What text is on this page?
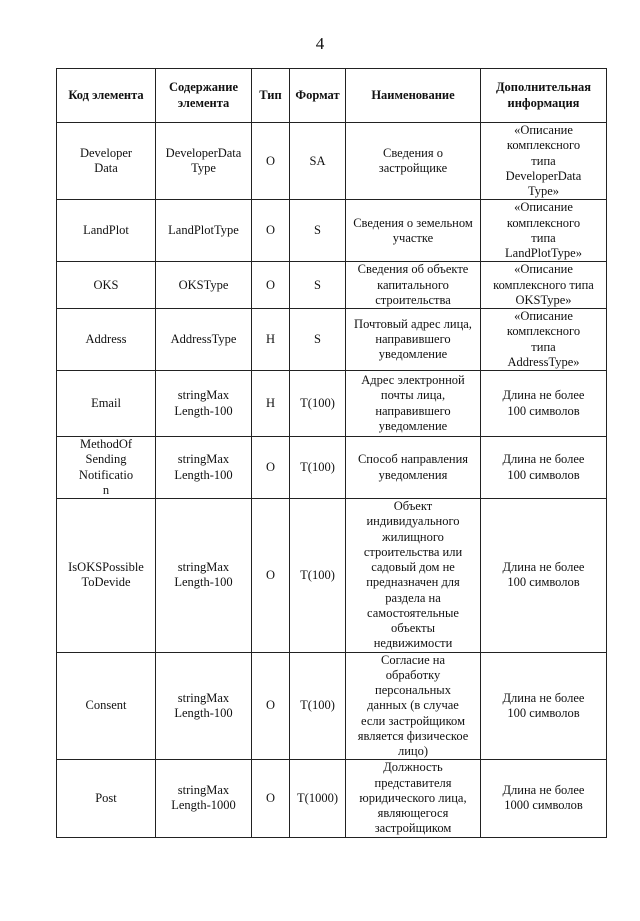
4
Код элемента	Содержание элемента	Тип	Формат	Наименование	Дополнительная информация

DeveloperData	DeveloperData Type	О	SA	Сведения о застройщике	«Описание комплексного типа DeveloperData Type»

LandPlot	LandPlotType	О	S	Сведения о земельном участке	«Описание комплексного типа LandPlotType»

OKS	OKSType	О	S	Сведения об объекте капитального строительства	«Описание комплексного типа OKSType»

Address	AddressType	Н	S	Почтовый адрес лица, направившего уведомление	«Описание комплексного типа AddressType»

Email	stringMax Length-100	Н	T(100)	Адрес электронной почты лица, направившего уведомление	Длина не более 100 символов

MethodOf Sending Notification	stringMax Length-100	О	T(100)	Способ направления уведомления	Длина не более 100 символов

IsOKSPossible ToDevide	stringMax Length-100	О	T(100)	Объект индивидуального жилищного строительства или садовый дом не предназначен для раздела на самостоятельные объекты недвижимости	Длина не более 100 символов

Consent	stringMax Length-100	О	T(100)	Согласие на обработку персональных данных (в случае если застройщиком является физическое лицо)	Длина не более 100 символов

Post	stringMax Length-1000	О	T(1000)	Должность представителя юридического лица, являющегося застройщиком	Длина не более 1000 символов
